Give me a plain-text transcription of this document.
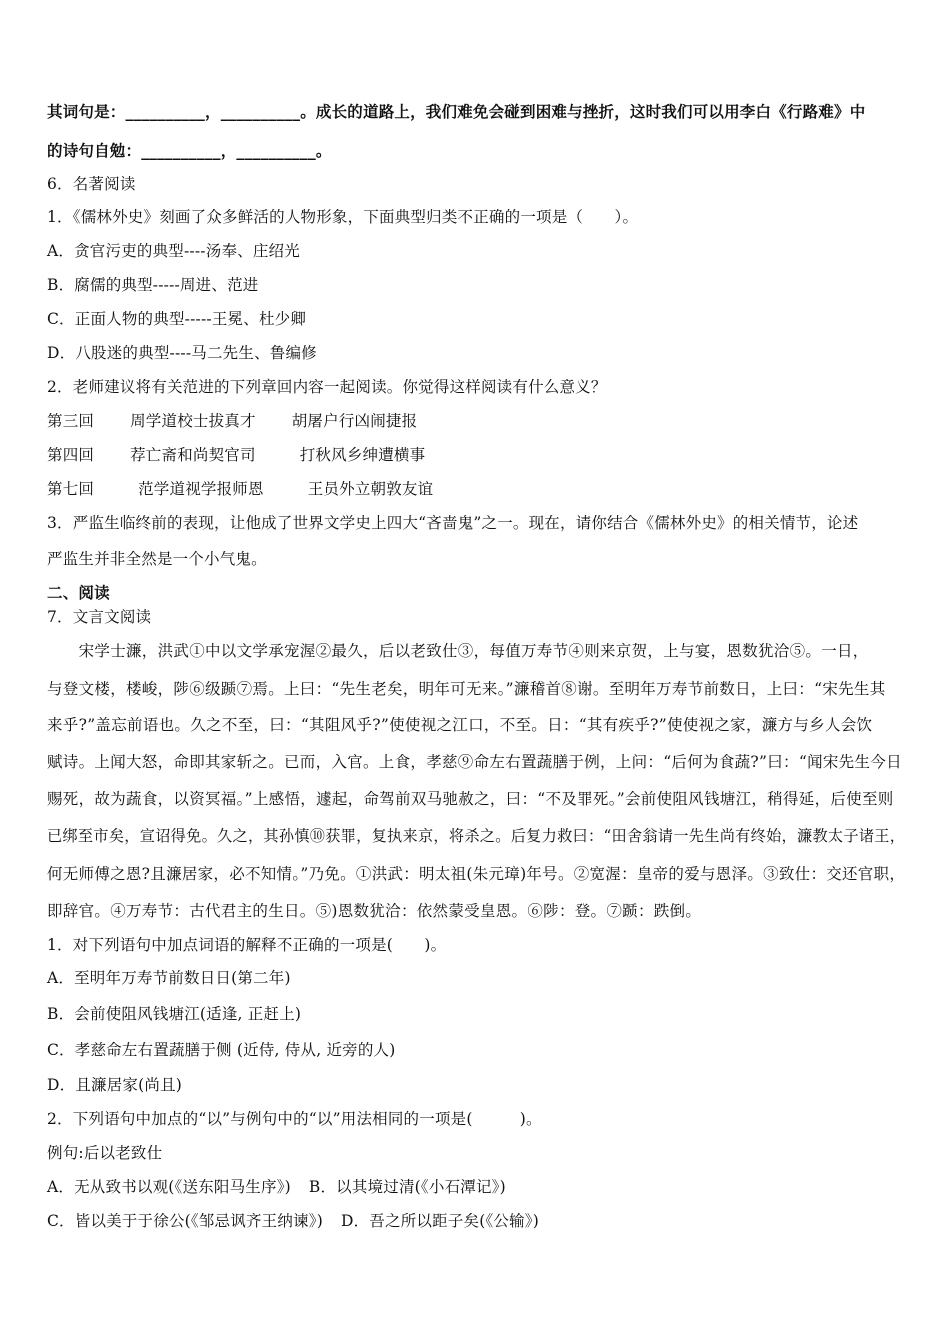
其词句是：__________，__________。成长的道路上，我们难免会碰到困难与挫折，这时我们可以用李白《行路难》中
的诗句自勉：__________，__________。
6．名著阅读
1．《儒林外史》刻画了众多鲜活的人物形象，下面典型归类不正确的一项是（　　）。
A．贪官污吏的典型----汤奉、庄绍光
B．腐儒的典型-----周进、范进
C．正面人物的典型-----王冕、杜少卿
D．八股迷的典型----马二先生、鲁编修
2．老师建议将有关范进的下列章回内容一起阅读。你觉得这样阅读有什么意义？
第三回 周学道校士拔真才 胡屠户行凶闹捷报
第四回 荐亡斋和尚契官司	打秋风乡绅遭横事
第七回	范学道视学报师恩	王员外立朝敦友谊
3．严监生临终前的表现，让他成了世界文学史上四大“吝啬鬼”之一。现在，请你结合《儒林外史》的相关情节，论述
严监生并非全然是一个小气鬼。
二、阅读
7．文言文阅读
　　宋学士濂，洪武①中以文学承宠渥②最久，后以老致仕③，每值万寿节④则来京贺，上与宴，恩数犹洽⑤。一日，
与登文楼，楼峻，陟⑥级踬⑦焉。上曰：“先生老矣，明年可无来。”濂稽首⑧谢。至明年万寿节前数日，上曰：“宋先生其
来乎?”盖忘前语也。久之不至，曰：“其阻风乎?”使使视之江口，不至。日：“其有疾乎?”使使视之家，濂方与乡人会饮
赋诗。上闻大怒，命即其家斩之。已而，入官。上食，孝慈⑨命左右置蔬膳于例，上问：“后何为食蔬?”曰：“闻宋先生今日
赐死，故为蔬食，以资冥福。”上感悟，遽起，命驾前双马驰赦之，曰：“不及罪死。”会前使阻风钱塘江，稍得延，后使至则
已绑至市矣，宣诏得免。久之，其孙慎⑩获罪，复执来京，将杀之。后复力救曰：“田舍翁请一先生尚有终始，濂教太子诸王，
何无师傅之恩?且濂居家，必不知情。”乃免。①洪武：明太祖(朱元璋)年号。②宽渥：皇帝的爱与恩泽。③致仕：交还官职，
即辞官。④万寿节：古代君主的生日。⑤)恩数犹洽：依然蒙受皇恩。⑥陟：登。⑦踬：跌倒。
1．对下列语句中加点词语的解释不正确的一项是(　　)。
A．至明年万寿节前数日日(第二年)
B．会前使阻风钱塘江(适逢, 正赶上)
C．孝慈命左右置蔬膳于侧 (近侍, 侍从, 近旁的人)
D．且濂居家(尚且)
2．下列语句中加点的“以”与例句中的“以”用法相同的一项是(　　　)。
例句:后以老致仕
A．无从致书以观(《送东阳马生序》) B．以其境过清(《小石潭记》)
C．皆以美于于徐公(《邹忌讽齐王纳谏》) D．吾之所以距子矣(《公输》)
